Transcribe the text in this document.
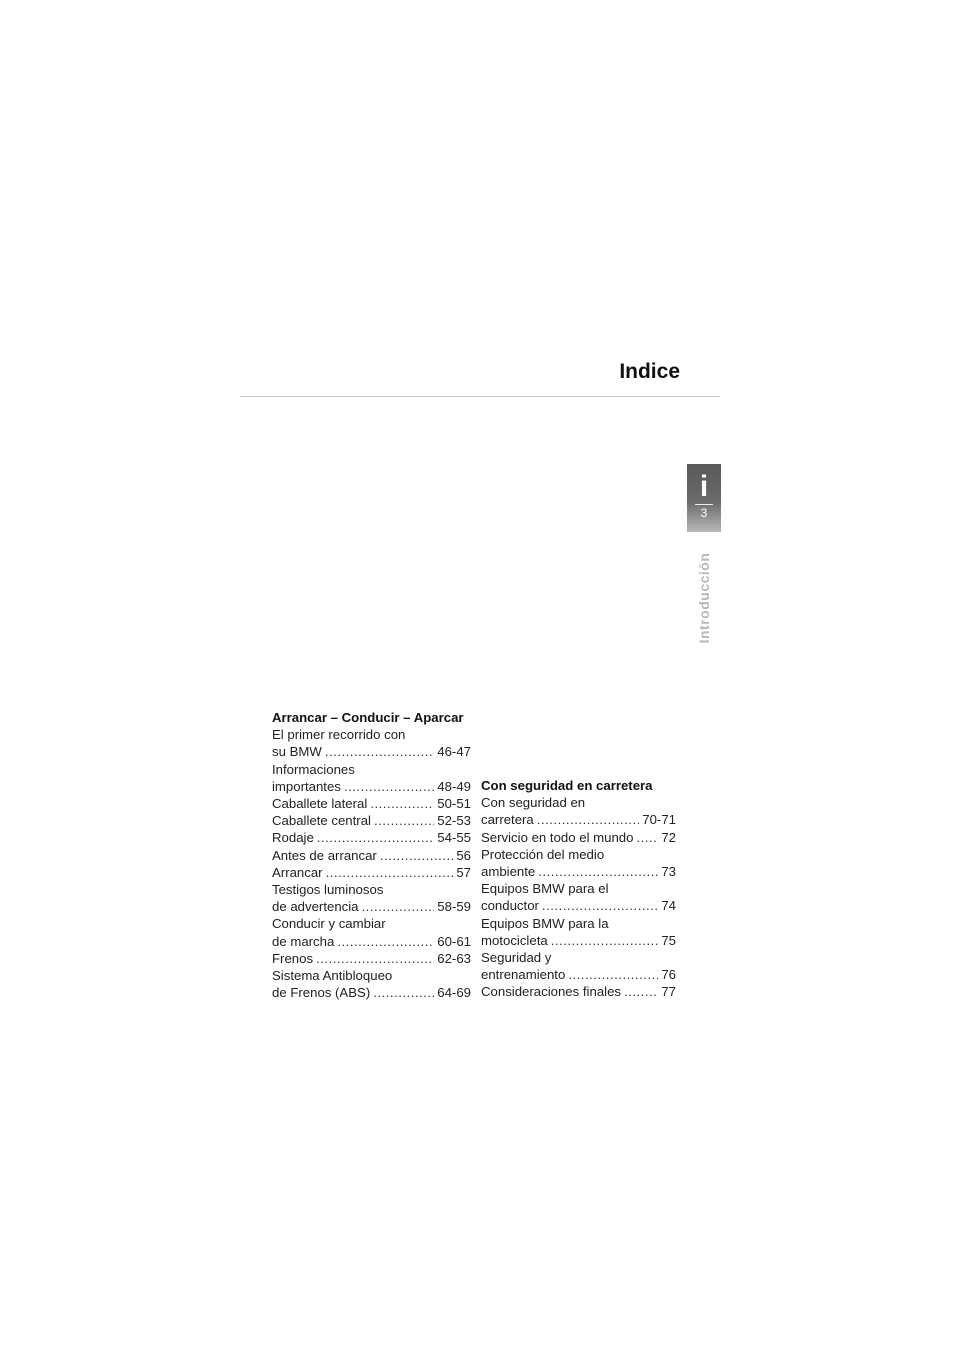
Indice
i
3
Introducción
Arrancar – Conducir – Aparcar
El primer recorrido con
su BMW .....	46-47
Informaciones
importantes .....	48-49
Caballete lateral .....	50-51
Caballete central .....	52-53
Rodaje .....	54-55
Antes de arrancar .....	56
Arrancar .....	57
Testigos luminosos
de advertencia .....	58-59
Conducir y cambiar
de marcha .....	60-61
Frenos .....	62-63
Sistema Antibloqueo
de Frenos (ABS) .....	64-69
Con seguridad en carretera
Con seguridad en
carretera .....	70-71
Servicio en todo el mundo ..... 72
Protección del medio
ambiente .....	73
Equipos BMW para el
conductor .....	74
Equipos BMW para la
motocicleta .....	75
Seguridad y
entrenamiento .....	76
Consideraciones finales .....	77
